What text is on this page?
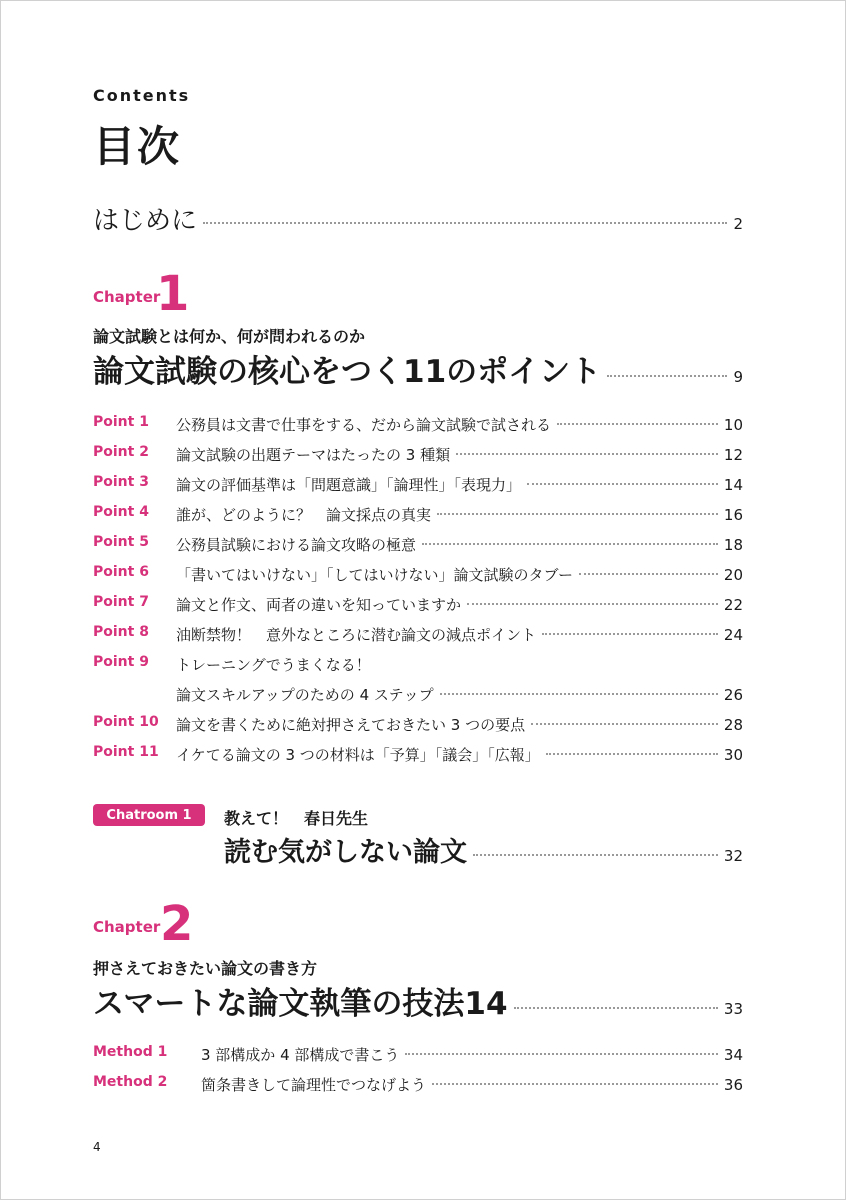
Contents
目次
はじめに	2
Chapter
1
論文試験とは何か、何が問われるのか
論文試験の核心をつく11のポイント	9
Point 1 公務員は文書で仕事をする、だから論文試験で試される	10
Point 2 論文試験の出題テーマはたったの 3 種類	12
Point 3 論文の評価基準は「問題意識」「論理性」「表現力」	14
Point 4 誰が、どのように？　論文採点の真実	16
Point 5 公務員試験における論文攻略の極意	18
Point 6 「書いてはいけない」「してはいけない」論文試験のタブー	20
Point 7 論文と作文、両者の違いを知っていますか	22
Point 8 油断禁物！　意外なところに潜む論文の減点ポイント	24
Point 9 トレーニングでうまくなる！
論文スキルアップのための 4 ステップ	26
Point 10 論文を書くために絶対押さえておきたい 3 つの要点	28
Point 11 イケてる論文の 3 つの材料は「予算」「議会」「広報」	30
Chatroom 1	教えて！　春日先生
読む気がしない論文	32
Chapter 2
押さえておきたい論文の書き方
スマートな論文執筆の技法14	33
Method 1 3 部構成か 4 部構成で書こう	34
Method 2 箇条書きして論理性でつなげよう	36
4
